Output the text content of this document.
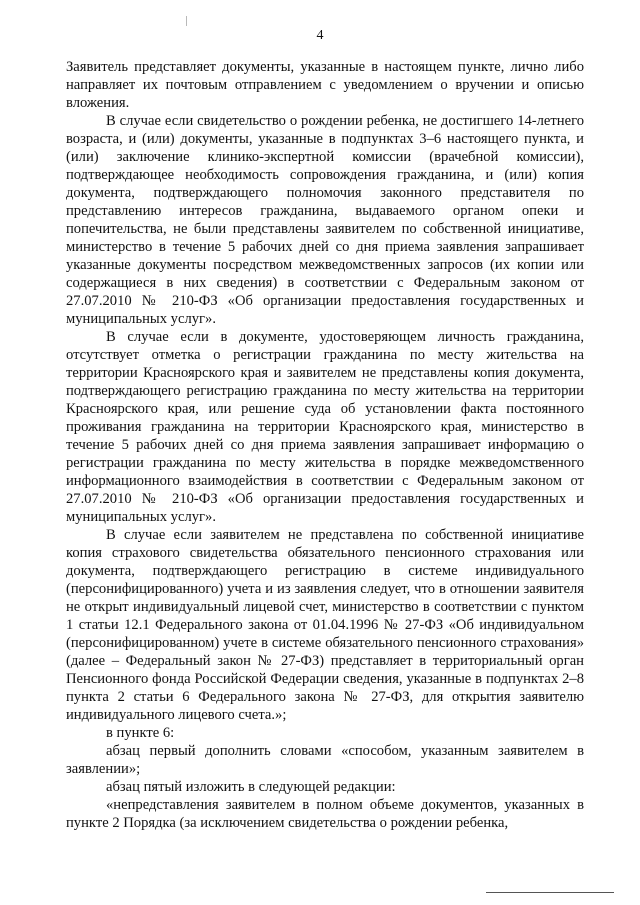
4

Заявитель представляет документы, указанные в настоящем пункте, лично либо направляет их почтовым отправлением с уведомлением о вручении и описью вложения.

В случае если свидетельство о рождении ребенка, не достигшего 14-летнего возраста, и (или) документы, указанные в подпунктах 3–6 настоящего пункта, и (или) заключение клинико-экспертной комиссии (врачебной комиссии), подтверждающее необходимость сопровождения гражданина, и (или) копия документа, подтверждающего полномочия законного представителя по представлению интересов гражданина, выдаваемого органом опеки и попечительства, не были представлены заявителем по собственной инициативе, министерство в течение 5 рабочих дней со дня приема заявления запрашивает указанные документы посредством межведомственных запросов (их копии или содержащиеся в них сведения) в соответствии с Федеральным законом от 27.07.2010 № 210-ФЗ «Об организации предоставления государственных и муниципальных услуг».

В случае если в документе, удостоверяющем личность гражданина, отсутствует отметка о регистрации гражданина по месту жительства на территории Красноярского края и заявителем не представлены копия документа, подтверждающего регистрацию гражданина по месту жительства на территории Красноярского края, или решение суда об установлении факта постоянного проживания гражданина на территории Красноярского края, министерство в течение 5 рабочих дней со дня приема заявления запрашивает информацию о регистрации гражданина по месту жительства в порядке межведомственного информационного взаимодействия в соответствии с Федеральным законом от 27.07.2010 № 210-ФЗ «Об организации предоставления государственных и муниципальных услуг».

В случае если заявителем не представлена по собственной инициативе копия страхового свидетельства обязательного пенсионного страхования или документа, подтверждающего регистрацию в системе индивидуального (персонифицированного) учета и из заявления следует, что в отношении заявителя не открыт индивидуальный лицевой счет, министерство в соответствии с пунктом 1 статьи 12.1 Федерального закона от 01.04.1996 № 27-ФЗ «Об индивидуальном (персонифицированном) учете в системе обязательного пенсионного страхования» (далее – Федеральный закон № 27-ФЗ) представляет в территориальный орган Пенсионного фонда Российской Федерации сведения, указанные в подпунктах 2–8 пункта 2 статьи 6 Федерального закона № 27-ФЗ, для открытия заявителю индивидуального лицевого счета.»;

в пункте 6:

абзац первый дополнить словами «способом, указанным заявителем в заявлении»;

абзац пятый изложить в следующей редакции:

«непредставления заявителем в полном объеме документов, указанных в пункте 2 Порядка (за исключением свидетельства о рождении ребенка,
